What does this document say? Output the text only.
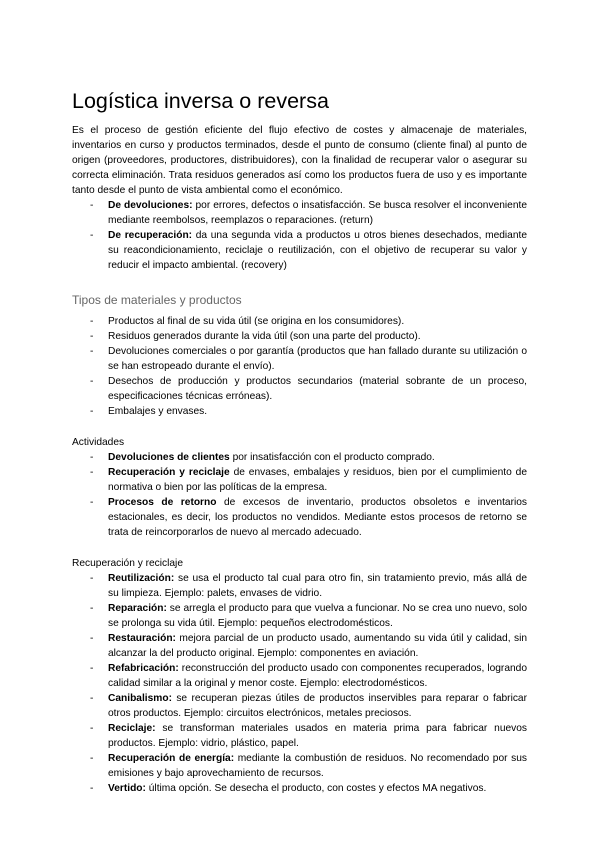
Logística inversa o reversa

Es el proceso de gestión eficiente del flujo efectivo de costes y almacenaje de materiales, inventarios en curso y productos terminados, desde el punto de consumo (cliente final) al punto de origen (proveedores, productores, distribuidores), con la finalidad de recuperar valor o asegurar su correcta eliminación. Trata residuos generados así como los productos fuera de uso y es importante tanto desde el punto de vista ambiental como el económico.

- De devoluciones: por errores, defectos o insatisfacción. Se busca resolver el inconveniente mediante reembolsos, reemplazos o reparaciones. (return)
- De recuperación: da una segunda vida a productos u otros bienes desechados, mediante su reacondicionamiento, reciclaje o reutilización, con el objetivo de recuperar su valor y reducir el impacto ambiental. (recovery)
Tipos de materiales y productos
- Productos al final de su vida útil (se origina en los consumidores).
- Residuos generados durante la vida útil (son una parte del producto).
- Devoluciones comerciales o por garantía (productos que han fallado durante su utilización o se han estropeado durante el envío).
- Desechos de producción y productos secundarios (material sobrante de un proceso, especificaciones técnicas erróneas).
- Embalajes y envases.
Actividades
- Devoluciones de clientes por insatisfacción con el producto comprado.
- Recuperación y reciclaje de envases, embalajes y residuos, bien por el cumplimiento de normativa o bien por las políticas de la empresa.
- Procesos de retorno de excesos de inventario, productos obsoletos e inventarios estacionales, es decir, los productos no vendidos. Mediante estos procesos de retorno se trata de reincorporarlos de nuevo al mercado adecuado.
Recuperación y reciclaje
- Reutilización: se usa el producto tal cual para otro fin, sin tratamiento previo, más allá de su limpieza. Ejemplo: palets, envases de vidrio.
- Reparación: se arregla el producto para que vuelva a funcionar. No se crea uno nuevo, solo se prolonga su vida útil. Ejemplo: pequeños electrodomésticos.
- Restauración: mejora parcial de un producto usado, aumentando su vida útil y calidad, sin alcanzar la del producto original. Ejemplo: componentes en aviación.
- Refabricación: reconstrucción del producto usado con componentes recuperados, logrando calidad similar a la original y menor coste. Ejemplo: electrodomésticos.
- Canibalismo: se recuperan piezas útiles de productos inservibles para reparar o fabricar otros productos. Ejemplo: circuitos electrónicos, metales preciosos.
- Reciclaje: se transforman materiales usados en materia prima para fabricar nuevos productos. Ejemplo: vidrio, plástico, papel.
- Recuperación de energía: mediante la combustión de residuos. No recomendado por sus emisiones y bajo aprovechamiento de recursos.
- Vertido: última opción. Se desecha el producto, con costes y efectos MA negativos.
